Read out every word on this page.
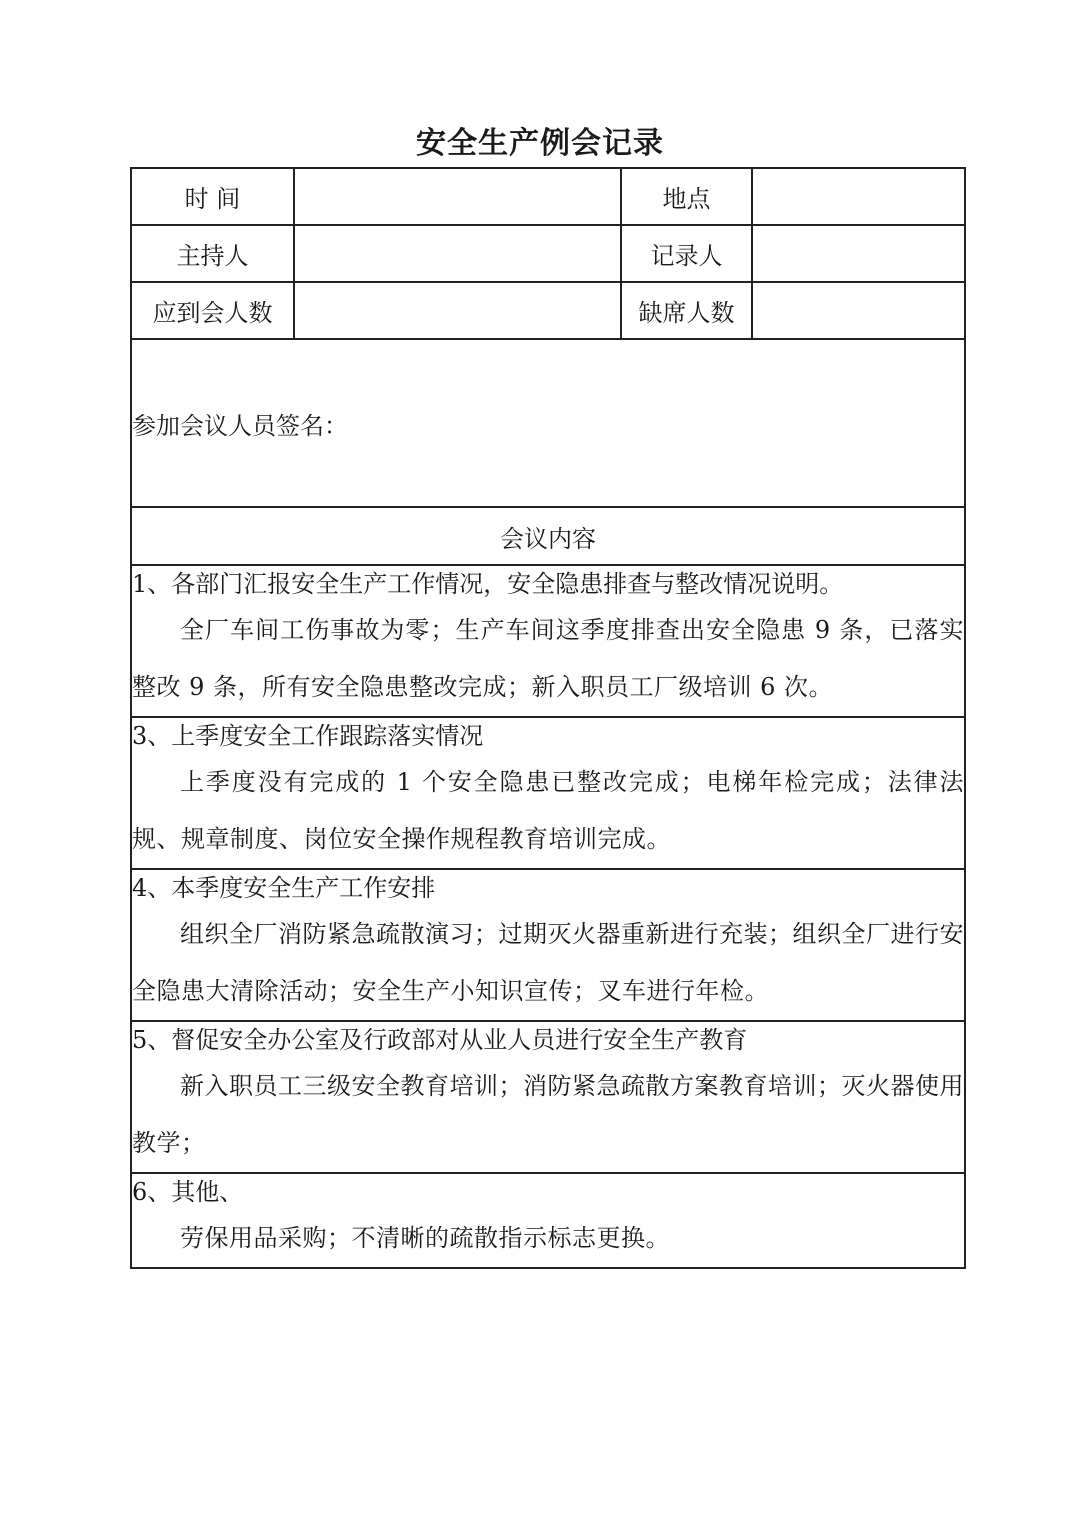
安全生产例会记录
时 间		地点	
主持人		记录人	
应到会人数		缺席人数	
参加会议人员签名：			
会议内容			

1、各部门汇报安全生产工作情况，安全隐患排查与整改情况说明。
全厂车间工伤事故为零；生产车间这季度排查出安全隐患 9 条，已落实整改 9 条，所有安全隐患整改完成；新入职员工厂级培训 6 次。			

3、上季度安全工作跟踪落实情况
上季度没有完成的 1 个安全隐患已整改完成；电梯年检完成；法律法规、规章制度、岗位安全操作规程教育培训完成。			

4、本季度安全生产工作安排
组织全厂消防紧急疏散演习；过期灭火器重新进行充装；组织全厂进行安全隐患大清除活动；安全生产小知识宣传；叉车进行年检。			

5、督促安全办公室及行政部对从业人员进行安全生产教育
新入职员工三级安全教育培训；消防紧急疏散方案教育培训；灭火器使用教学；			

6、其他、
劳保用品采购；不清晰的疏散指示标志更换。			
